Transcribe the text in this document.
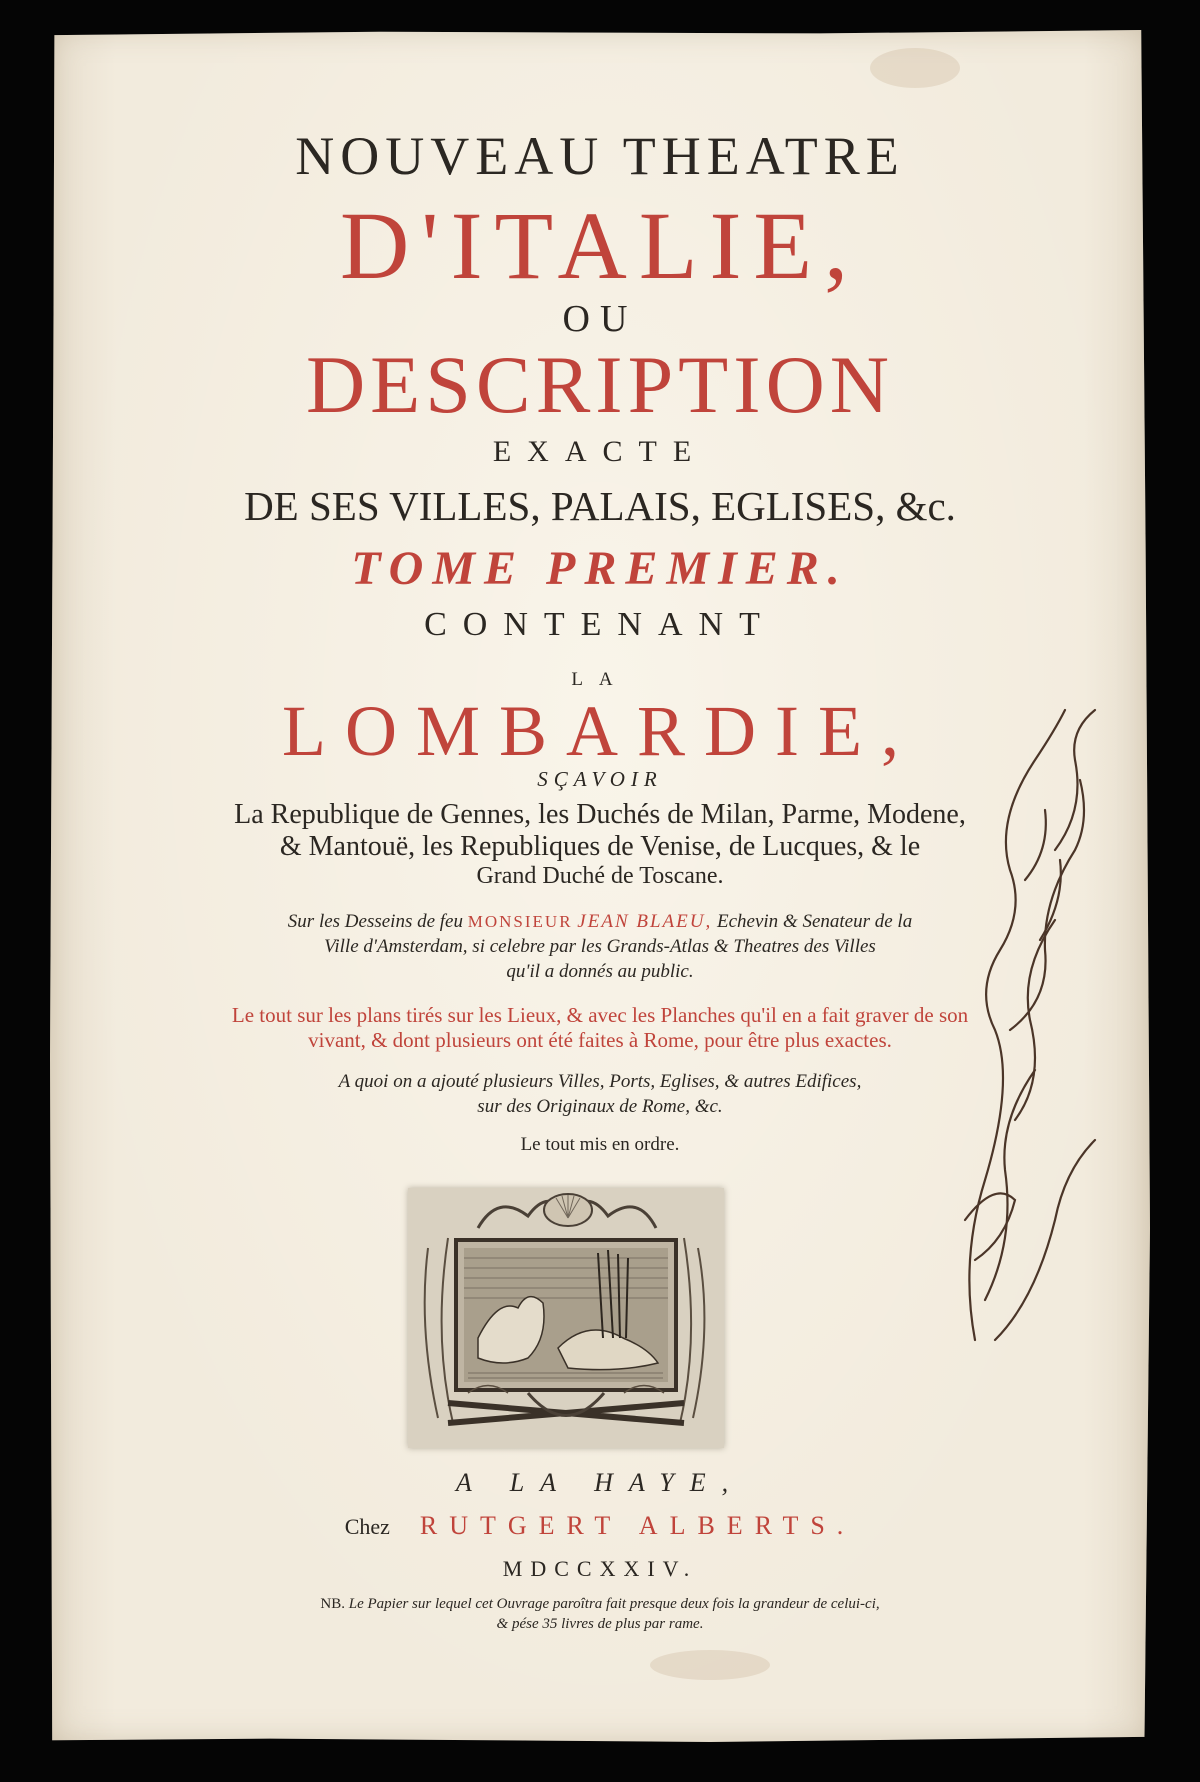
NOUVEAU THEATRE
D'ITALIE,
OU
DESCRIPTION
EXACTE
DE SES VILLES, PALAIS, EGLISES, &c.
TOME PREMIER.
CONTENANT
LA
LOMBARDIE,
SÇAVOIR
La Republique de Gennes, les Duchés de Milan, Parme, Modene,
& Mantouë, les Republiques de Venise, de Lucques, & le
Grand Duché de Toscane.
Sur les Desseins de feu MONSIEUR JEAN BLAEU, Echevin & Senateur de la
Ville d'Amsterdam, si celebre par les Grands-Atlas & Theatres des Villes
qu'il a donnés au public.
Le tout sur les plans tirés sur les Lieux, & avec les Planches qu'il en a fait graver de son
vivant, & dont plusieurs ont été faites à Rome, pour être plus exactes.
A quoi on a ajouté plusieurs Villes, Ports, Eglises, & autres Edifices,
sur des Originaux de Rome, &c.
Le tout mis en ordre.
A LA HAYE,
Chez RUTGERT ALBERTS.
MDCCXXIV.
NB. Le Papier sur lequel cet Ouvrage paroîtra fait presque deux fois la grandeur de celui-ci,
& pése 35 livres de plus par rame.
